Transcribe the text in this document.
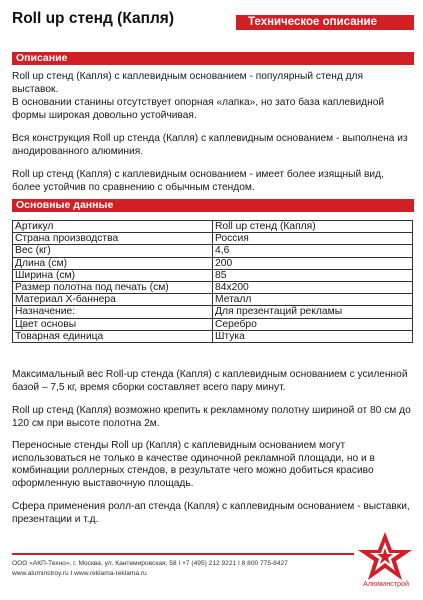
Roll up стенд (Капля)	Техническое описание
Описание

Roll up стенд (Капля) с каплевидным основанием - популярный стенд для выставок.

В основании станины отсутствует опорная «лапка», но зато база каплевидной формы широкая довольно устойчивая.

Вся конструкция Roll up стенда (Капля) с каплевидным основанием - выполнена из анодированного алюминия.

Roll up стенд (Капля) с каплевидным основанием - имеет более изящный вид, более устойчив по сравнению с обычным стендом.

Основные данные
Артикул	Roll up стенд (Капля)
Страна производства	Россия
Вес (кг)	4,6
Длина (см)	200
Ширина (см)	85
Размер полотна под печать (см)	84х200
Материал Х-баннера	Металл
Назначение:	Для презентаций рекламы
Цвет основы	Серебро
Товарная единица	Штука

Максимальный вес Roll-up стенда (Капля) с каплевидным основанием с усиленной базой – 7,5 кг, время сборки составляет всего пару минут.

Roll up стенд (Капля) возможно крепить к рекламному полотну шириной от 80 см до 120 см при высоте полотна 2м.

Переносные стенды Roll up (Капля) с каплевидным основанием могут использоваться не только в качестве одиночной рекламной площади, но и в комбинации роллерных стендов, в результате чего можно добиться красиво оформленную выставочную площадь.

Сфера применения ролл-ап стенда (Капля) с каплевидным основанием - выставки, презентации и т.д.

ООО «АКП-Техно», г. Москва, ул. Кантемировская, 58 I +7 (495) 212 9221 I 8 800 775-8427
www.aluminstroy.ru I www.reklama-reklama.ru
Алюминстрой
